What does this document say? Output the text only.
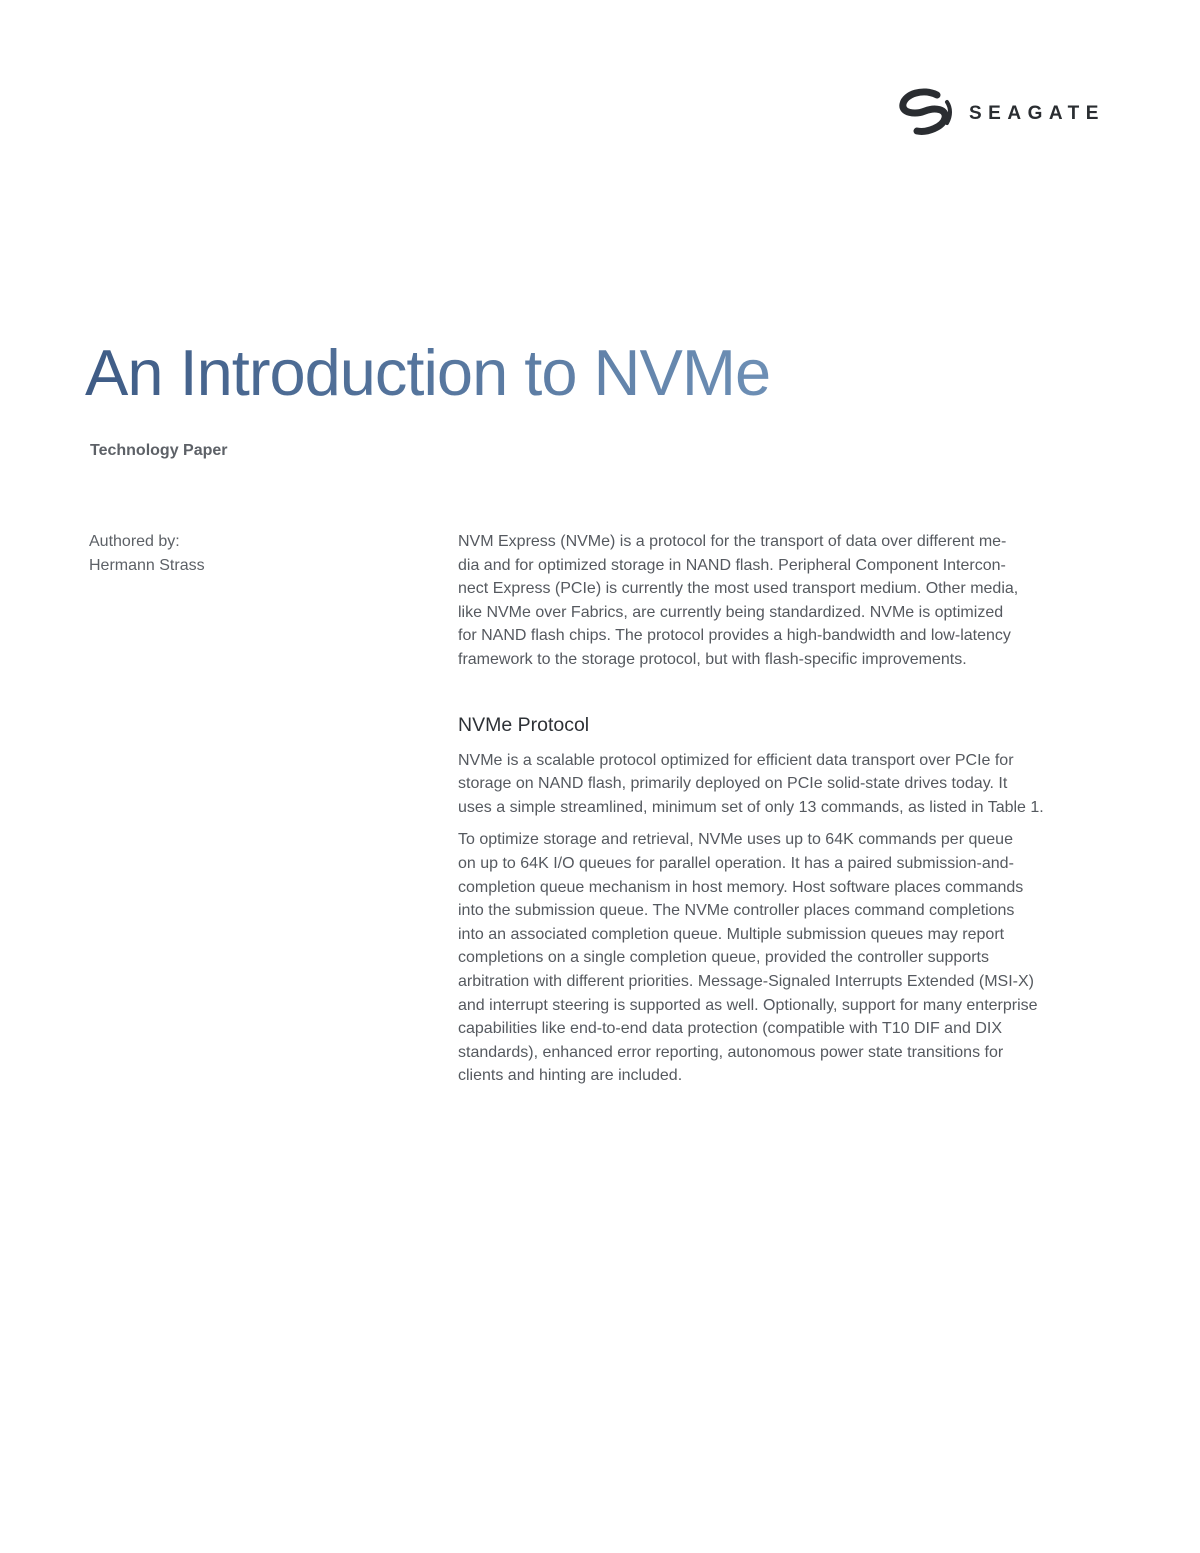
SEAGATE
An Introduction to NVMe
Technology Paper
Authored by:
Hermann Strass

NVM Express (NVMe) is a protocol for the transport of data over different me-
dia and for optimized storage in NAND flash. Peripheral Component Intercon-
nect Express (PCIe) is currently the most used transport medium. Other media,
like NVMe over Fabrics, are currently being standardized. NVMe is optimized
for NAND flash chips. The protocol provides a high-bandwidth and low-latency
framework to the storage protocol, but with flash-specific improvements.

NVMe Protocol

NVMe is a scalable protocol optimized for efficient data transport over PCIe for
storage on NAND flash, primarily deployed on PCIe solid-state drives today. It
uses a simple streamlined, minimum set of only 13 commands, as listed in Table 1.

To optimize storage and retrieval, NVMe uses up to 64K commands per queue
on up to 64K I/O queues for parallel operation. It has a paired submission-and-
completion queue mechanism in host memory. Host software places commands
into the submission queue. The NVMe controller places command completions
into an associated completion queue. Multiple submission queues may report
completions on a single completion queue, provided the controller supports
arbitration with different priorities. Message-Signaled Interrupts Extended (MSI-X)
and interrupt steering is supported as well. Optionally, support for many enterprise
capabilities like end-to-end data protection (compatible with T10 DIF and DIX
standards), enhanced error reporting, autonomous power state transitions for
clients and hinting are included.
